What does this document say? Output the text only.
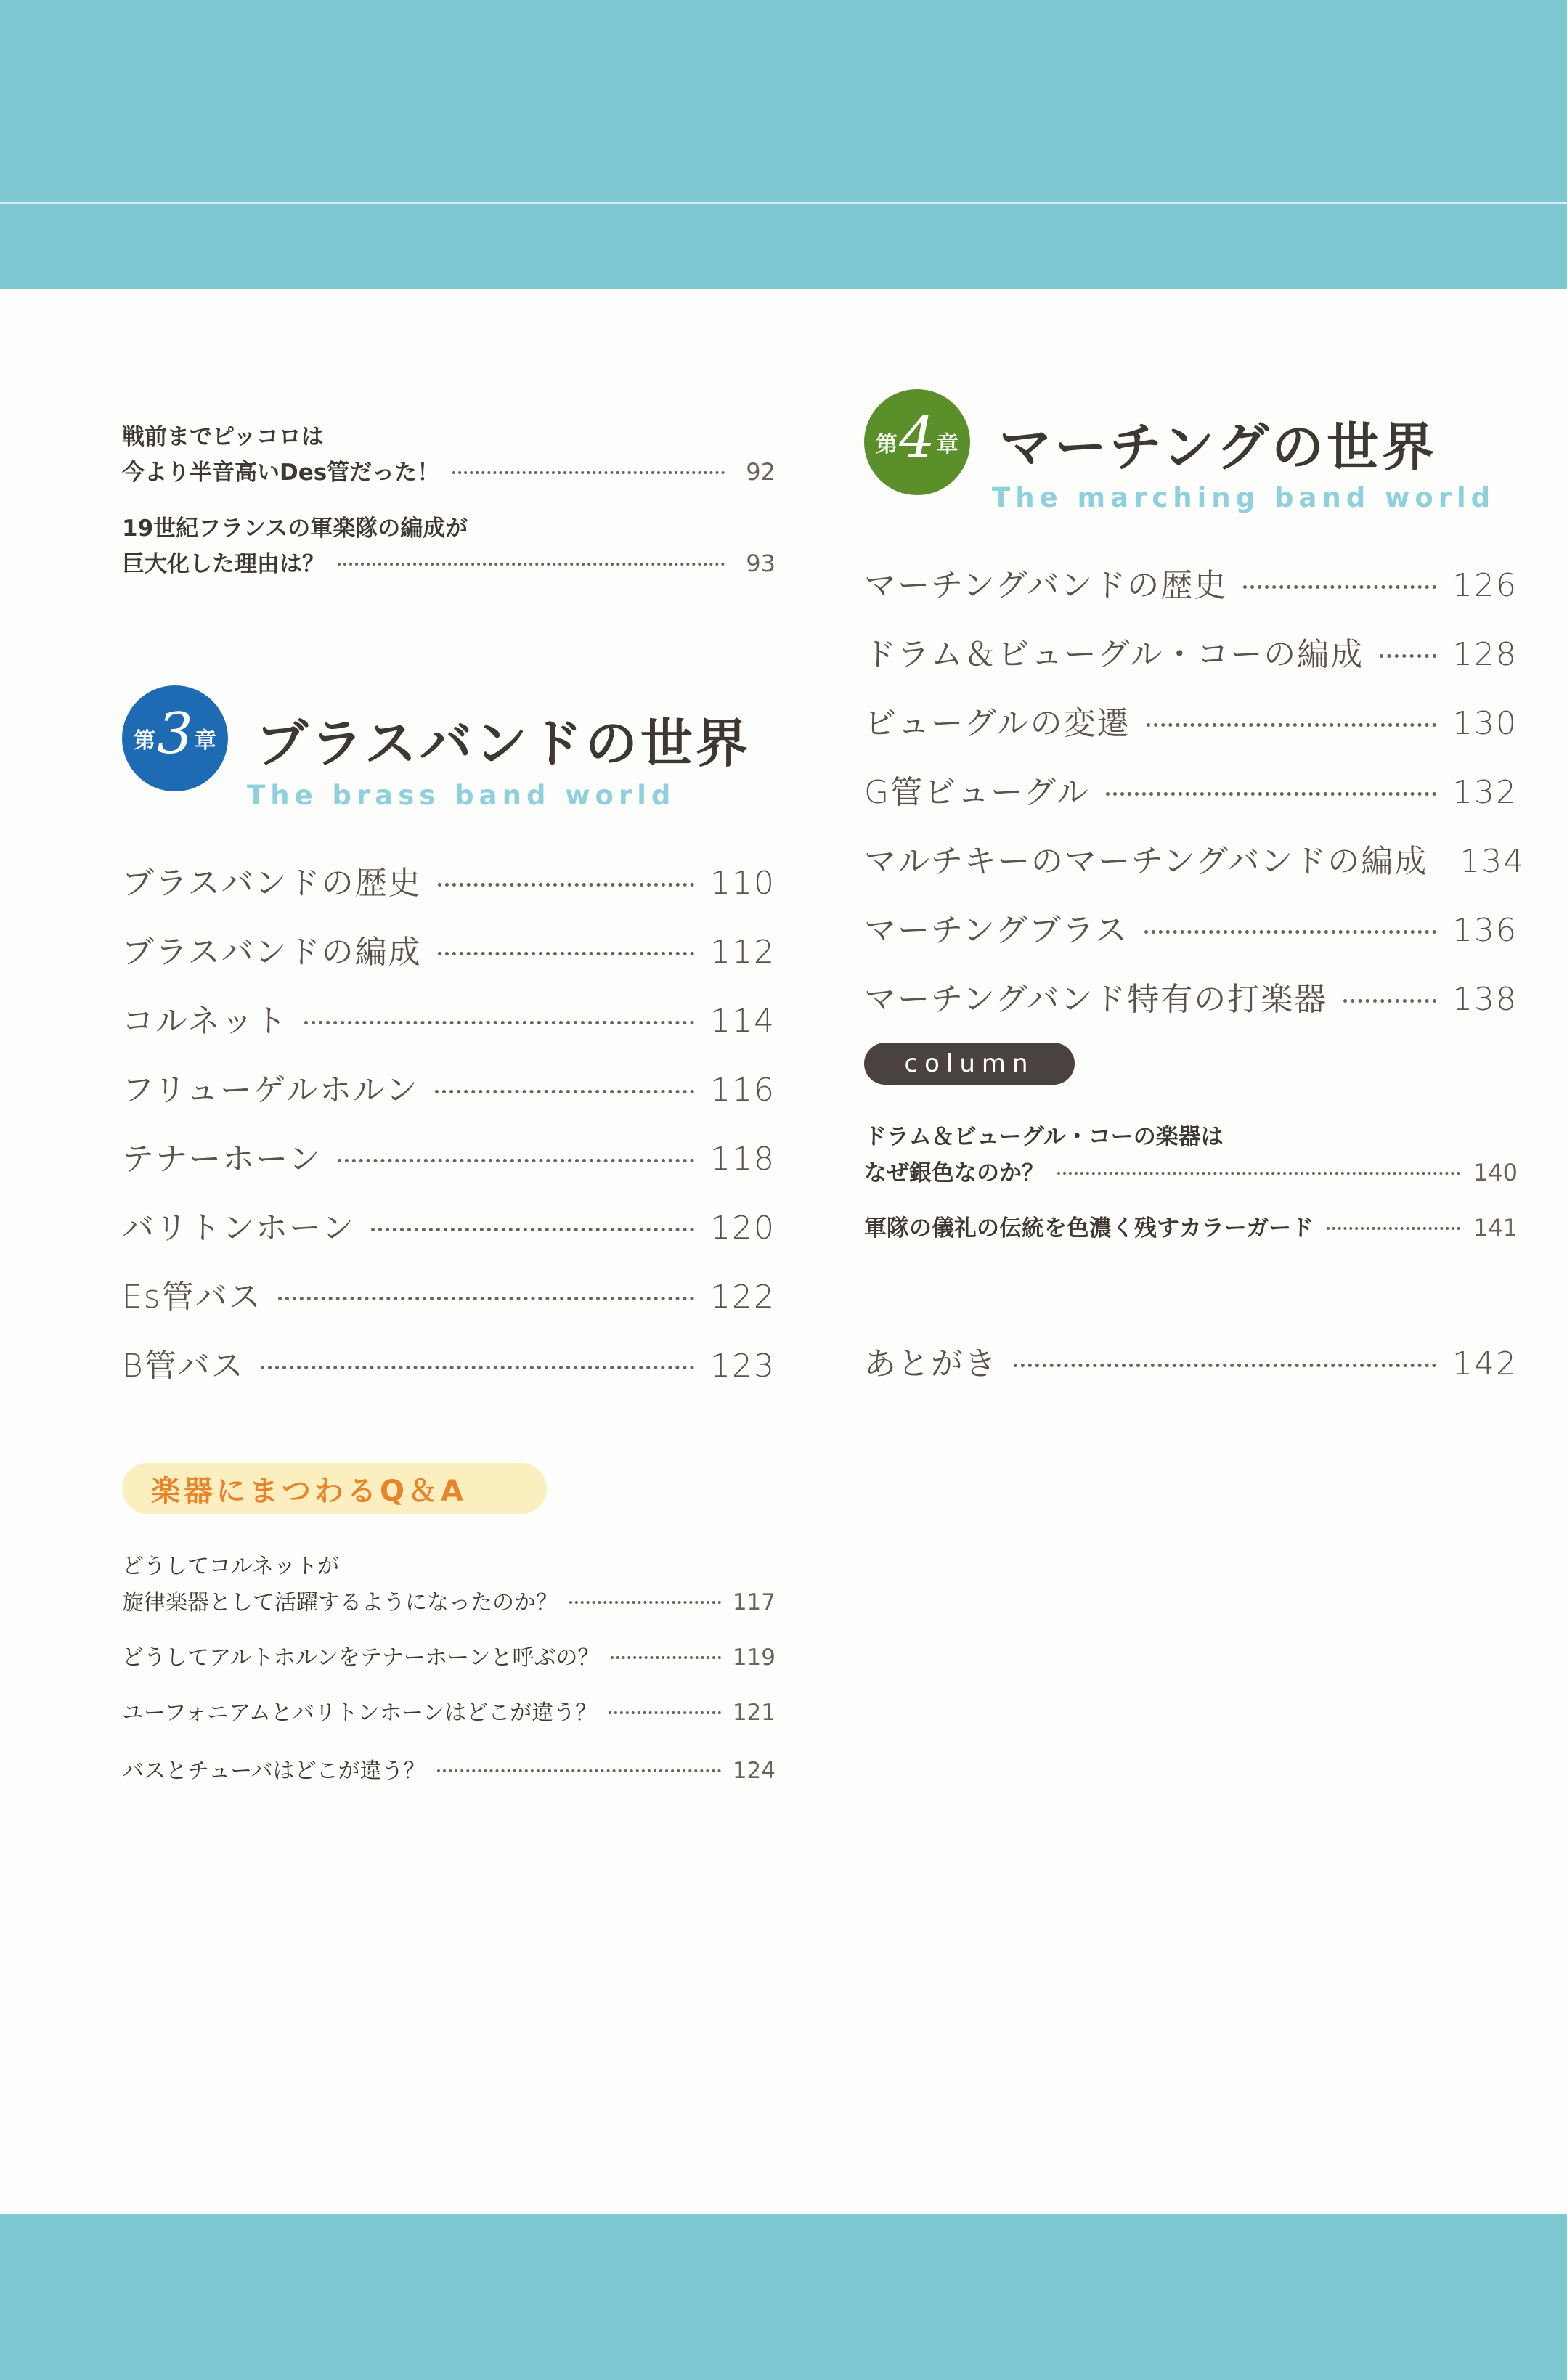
戦前までピッコロは
今より半音高いDes管だった！	92
19世紀フランスの軍楽隊の編成が
巨大化した理由は？	93
第 3 章 ブラスバンドの世界
The brass band world
ブラスバンドの歴史	110
ブラスバンドの編成	112
コルネット	114
フリューゲルホルン	116
テナーホーン	118
バリトンホーン	120
Es管バス	122
B管バス	123
楽器にまつわるQ＆A
どうしてコルネットが
旋律楽器として活躍するようになったのか？	117
どうしてアルトホルンをテナーホーンと呼ぶの？	119
ユーフォニアムとバリトンホーンはどこが違う？	121
バスとチューバはどこが違う？	124
第 4 章 マーチングの世界
The marching band world
マーチングバンドの歴史	126
ドラム＆ビューグル・コーの編成	128
ビューグルの変遷	130
G管ビューグル	132
マルチキーのマーチングバンドの編成 134
マーチングブラス	136
マーチングバンド特有の打楽器	138
column
ドラム＆ビューグル・コーの楽器は
なぜ銀色なのか？	140
軍隊の儀礼の伝統を色濃く残すカラーガード	141
あとがき	142
